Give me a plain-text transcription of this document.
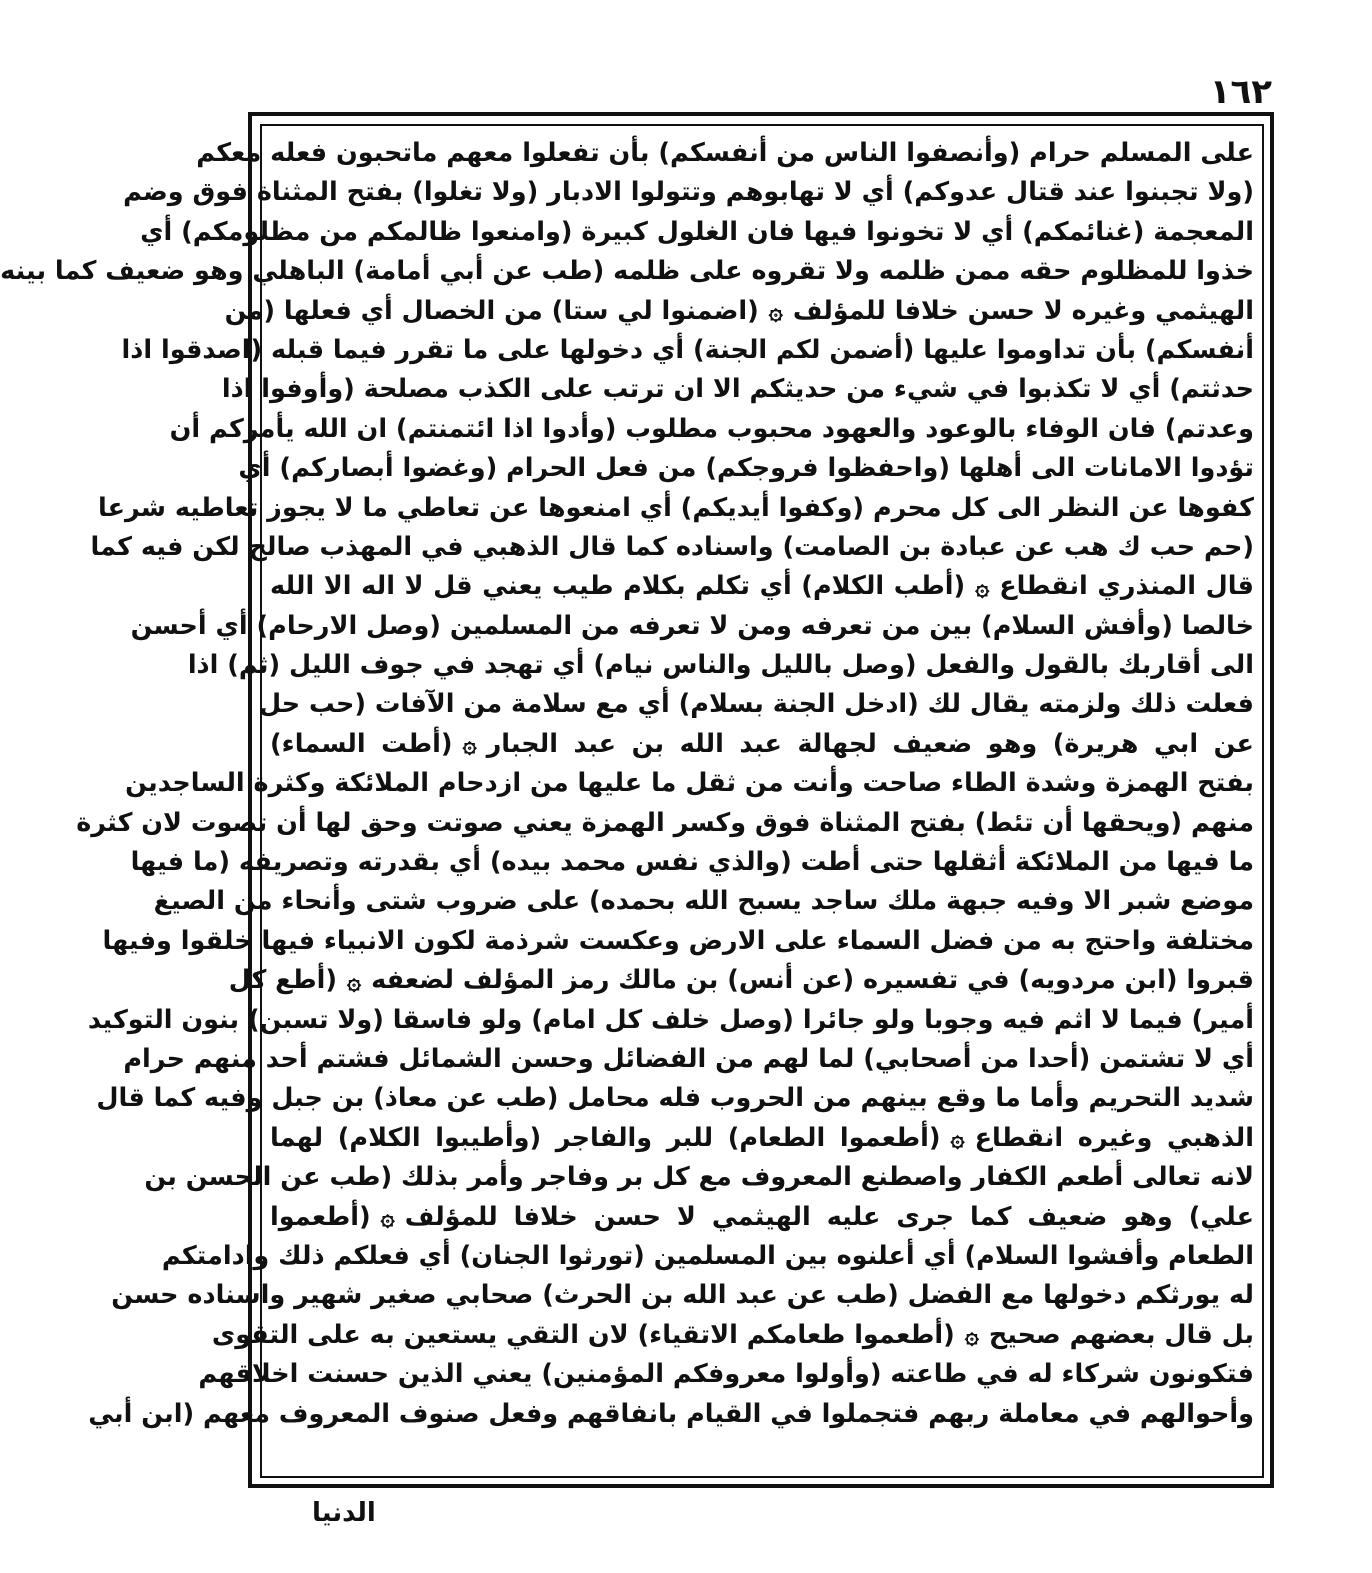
١٦٢
على المسلم حرام (وأنصفوا الناس من أنفسكم) بأن تفعلوا معهم ماتحبون فعله معكم
(ولا تجبنوا عند قتال عدوكم) أي لا تهابوهم وتتولوا الادبار (ولا تغلوا) بفتح المثناة فوق وضم
المعجمة (غنائمكم) أي لا تخونوا فيها فان الغلول كبيرة (وامنعوا ظالمكم من مظلومكم) أي
خذوا للمظلوم حقه ممن ظلمه ولا تقروه على ظلمه (طب عن أبي أمامة) الباهلي وهو ضعيف كما بينه
الهيثمي وغيره لا حسن خلافا للمؤلف۞(اضمنوا لي ستا) من الخصال أي فعلها (من
أنفسكم) بأن تداوموا عليها (أضمن لكم الجنة) أي دخولها على ما تقرر فيما قبله (اصدقوا اذا
حدثتم) أي لا تكذبوا في شيء من حديثكم الا ان ترتب على الكذب مصلحة (وأوفوا اذا
وعدتم) فان الوفاء بالوعود والعهود محبوب مطلوب (وأدوا اذا ائتمنتم) ان الله يأمركم أن
تؤدوا الامانات الى أهلها (واحفظوا فروجكم) من فعل الحرام (وغضوا أبصاركم) أي
كفوها عن النظر الى كل محرم (وكفوا أيديكم) أي امنعوها عن تعاطي ما لا يجوز تعاطيه شرعا
(حم حب ك هب عن عبادة بن الصامت) واسناده كما قال الذهبي في المهذب صالح لكن فيه كما
قال المنذري انقطاع۞(أطب الكلام) أي تكلم بكلام طيب يعني قل لا اله الا الله
خالصا (وأفش السلام) بين من تعرفه ومن لا تعرفه من المسلمين (وصل الارحام) أي أحسن
الى أقاربك بالقول والفعل (وصل بالليل والناس نيام) أي تهجد في جوف الليل (ثم) اذا
فعلت ذلك ولزمته يقال لك (ادخل الجنة بسلام) أي مع سلامة من الآفات (حب حل
عن ابي هريرة) وهو ضعيف لجهالة عبد الله بن عبد الجبار۞(أطت السماء)
بفتح الهمزة وشدة الطاء صاحت وأنت من ثقل ما عليها من ازدحام الملائكة وكثرة الساجدين
منهم (ويحقها أن تئط) بفتح المثناة فوق وكسر الهمزة يعني صوتت وحق لها أن تصوت لان كثرة
ما فيها من الملائكة أثقلها حتى أطت (والذي نفس محمد بيده) أي بقدرته وتصريفه (ما فيها
موضع شبر الا وفيه جبهة ملك ساجد يسبح الله بحمده) على ضروب شتى وأنحاء من الصيغ
مختلفة واحتج به من فضل السماء على الارض وعكست شرذمة لكون الانبياء فيها خلقوا وفيها
قبروا (ابن مردويه) في تفسيره (عن أنس) بن مالك رمز المؤلف لضعفه۞(أطع كل
أمير) فيما لا اثم فيه وجوبا ولو جائرا (وصل خلف كل امام) ولو فاسقا (ولا تسبن) بنون التوكيد
أي لا تشتمن (أحدا من أصحابي) لما لهم من الفضائل وحسن الشمائل فشتم أحد منهم حرام
شديد التحريم وأما ما وقع بينهم من الحروب فله محامل (طب عن معاذ) بن جبل وفيه كما قال
الذهبي وغيره انقطاع۞(أطعموا الطعام) للبر والفاجر (وأطيبوا الكلام) لهما
لانه تعالى أطعم الكفار واصطنع المعروف مع كل بر وفاجر وأمر بذلك (طب عن الحسن بن
علي) وهو ضعيف كما جرى عليه الهيثمي لا حسن خلافا للمؤلف۞(أطعموا
الطعام وأفشوا السلام) أي أعلنوه بين المسلمين (تورثوا الجنان) أي فعلكم ذلك وادامتكم
له يورثكم دخولها مع الفضل (طب عن عبد الله بن الحرث) صحابي صغير شهير واسناده حسن
بل قال بعضهم صحيح۞(أطعموا طعامكم الاتقياء) لان التقي يستعين به على التقوى
فتكونون شركاء له في طاعته (وأولوا معروفكم المؤمنين) يعني الذين حسنت اخلاقهم
وأحوالهم في معاملة ربهم فتجملوا في القيام بانفاقهم وفعل صنوف المعروف معهم (ابن أبي
الدنيا
